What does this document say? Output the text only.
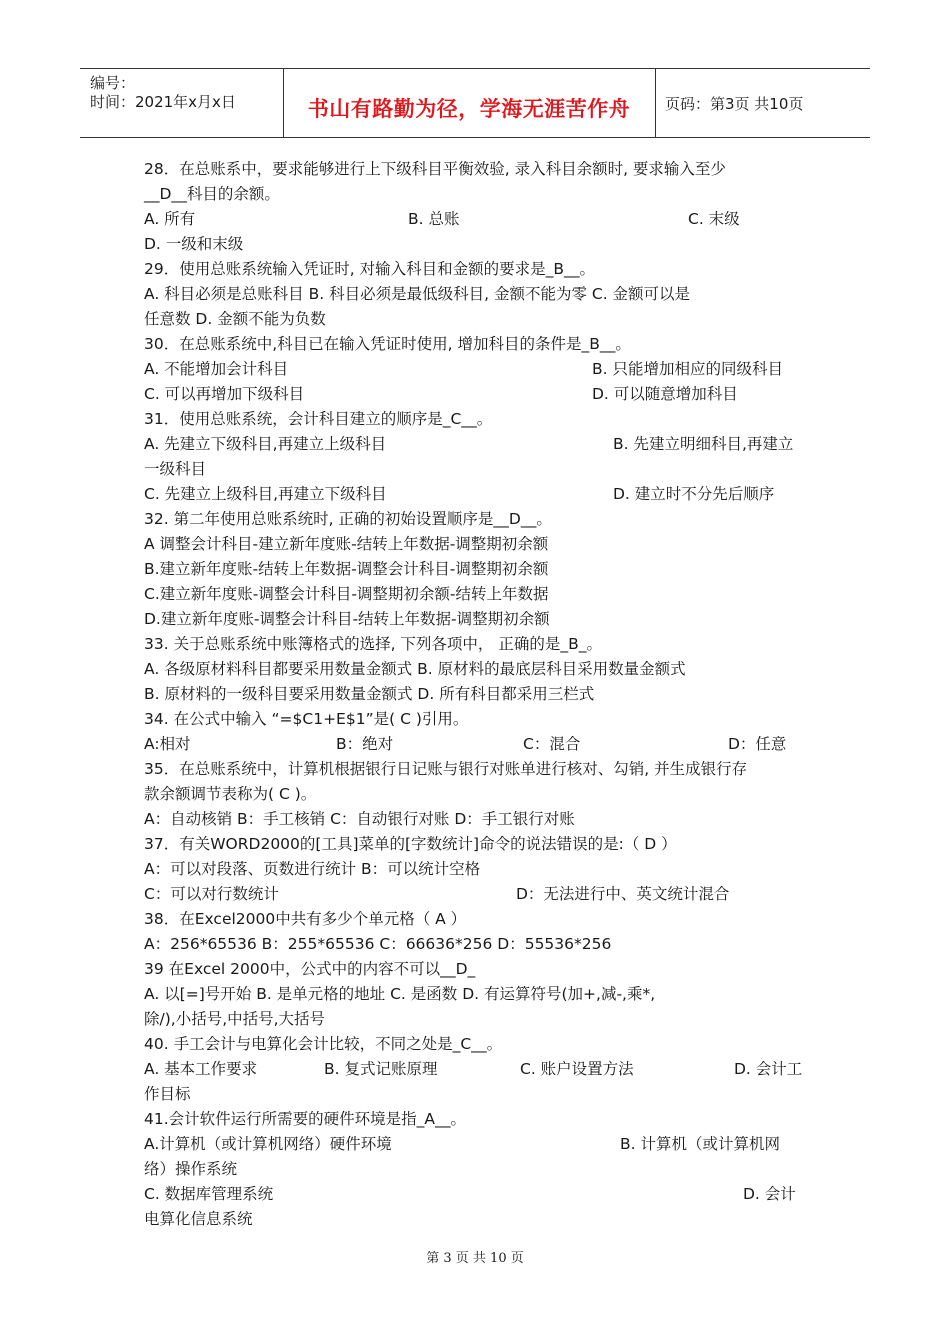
编号：
时间：2021年x月x日	书山有路勤为径，学海无涯苦作舟	页码：第3页 共10页
28．在总账系中，要求能够进行上下级科目平衡效验, 录入科目余额时, 要求输入至少
__D__科目的余额。
A. 所有	B. 总账	C. 末级
D. 一级和末级
29．使用总账系统输入凭证时, 对输入科目和金额的要求是_B__。
A. 科目必须是总账科目 B. 科目必须是最低级科目, 金额不能为零 C. 金额可以是
任意数 D. 金额不能为负数
30．在总账系统中,科目已在输入凭证时使用, 增加科目的条件是_B__。
A. 不能增加会计科目	B. 只能增加相应的同级科目
C. 可以再增加下级科目	D. 可以随意增加科目
31．使用总账系统，会计科目建立的顺序是_C__。
A. 先建立下级科目,再建立上级科目	B. 先建立明细科目,再建立
一级科目
C. 先建立上级科目,再建立下级科目	D. 建立时不分先后顺序
32. 第二年使用总账系统时, 正确的初始设置顺序是__D__。
A 调整会计科目-建立新年度账-结转上年数据-调整期初余额
B.建立新年度账-结转上年数据-调整会计科目-调整期初余额
C.建立新年度账-调整会计科目-调整期初余额-结转上年数据
D.建立新年度账-调整会计科目-结转上年数据-调整期初余额
33. 关于总账系统中账簿格式的选择, 下列各项中， 正确的是_B_。
A. 各级原材料科目都要采用数量金额式 B. 原材料的最底层科目采用数量金额式
B. 原材料的一级科目要采用数量金额式 D. 所有科目都采用三栏式
34. 在公式中输入 “=$C1+E$1”是( C )引用。
A:相对	B：绝对	C：混合	D：任意
35．在总账系统中，计算机根据银行日记账与银行对账单进行核对、勾销, 并生成银行存
款余额调节表称为( C )。
A：自动核销 B：手工核销 C：自动银行对账 D：手工银行对账
37．有关WORD2000的[工具]菜单的[字数统计]命令的说法错误的是:（ D ）
A：可以对段落、页数进行统计 B：可以统计空格
C：可以对行数统计	D：无法进行中、英文统计混合
38．在Excel2000中共有多少个单元格（ A ）
A：256*65536 B：255*65536 C：66636*256 D：55536*256
39 在Excel 2000中，公式中的内容不可以__D_
A. 以[=]号开始 B. 是单元格的地址 C. 是函数 D. 有运算符号(加+,减-,乘*,
除/),小括号,中括号,大括号
40. 手工会计与电算化会计比较，不同之处是_C__。
A. 基本工作要求	B. 复式记账原理	C. 账户设置方法	D. 会计工
作目标
41.会计软件运行所需要的硬件环境是指_A__。
A.计算机（或计算机网络）硬件环境	B. 计算机（或计算机网
络）操作系统
C. 数据库管理系统	D. 会计
电算化信息系统
第 3 页 共 10 页
